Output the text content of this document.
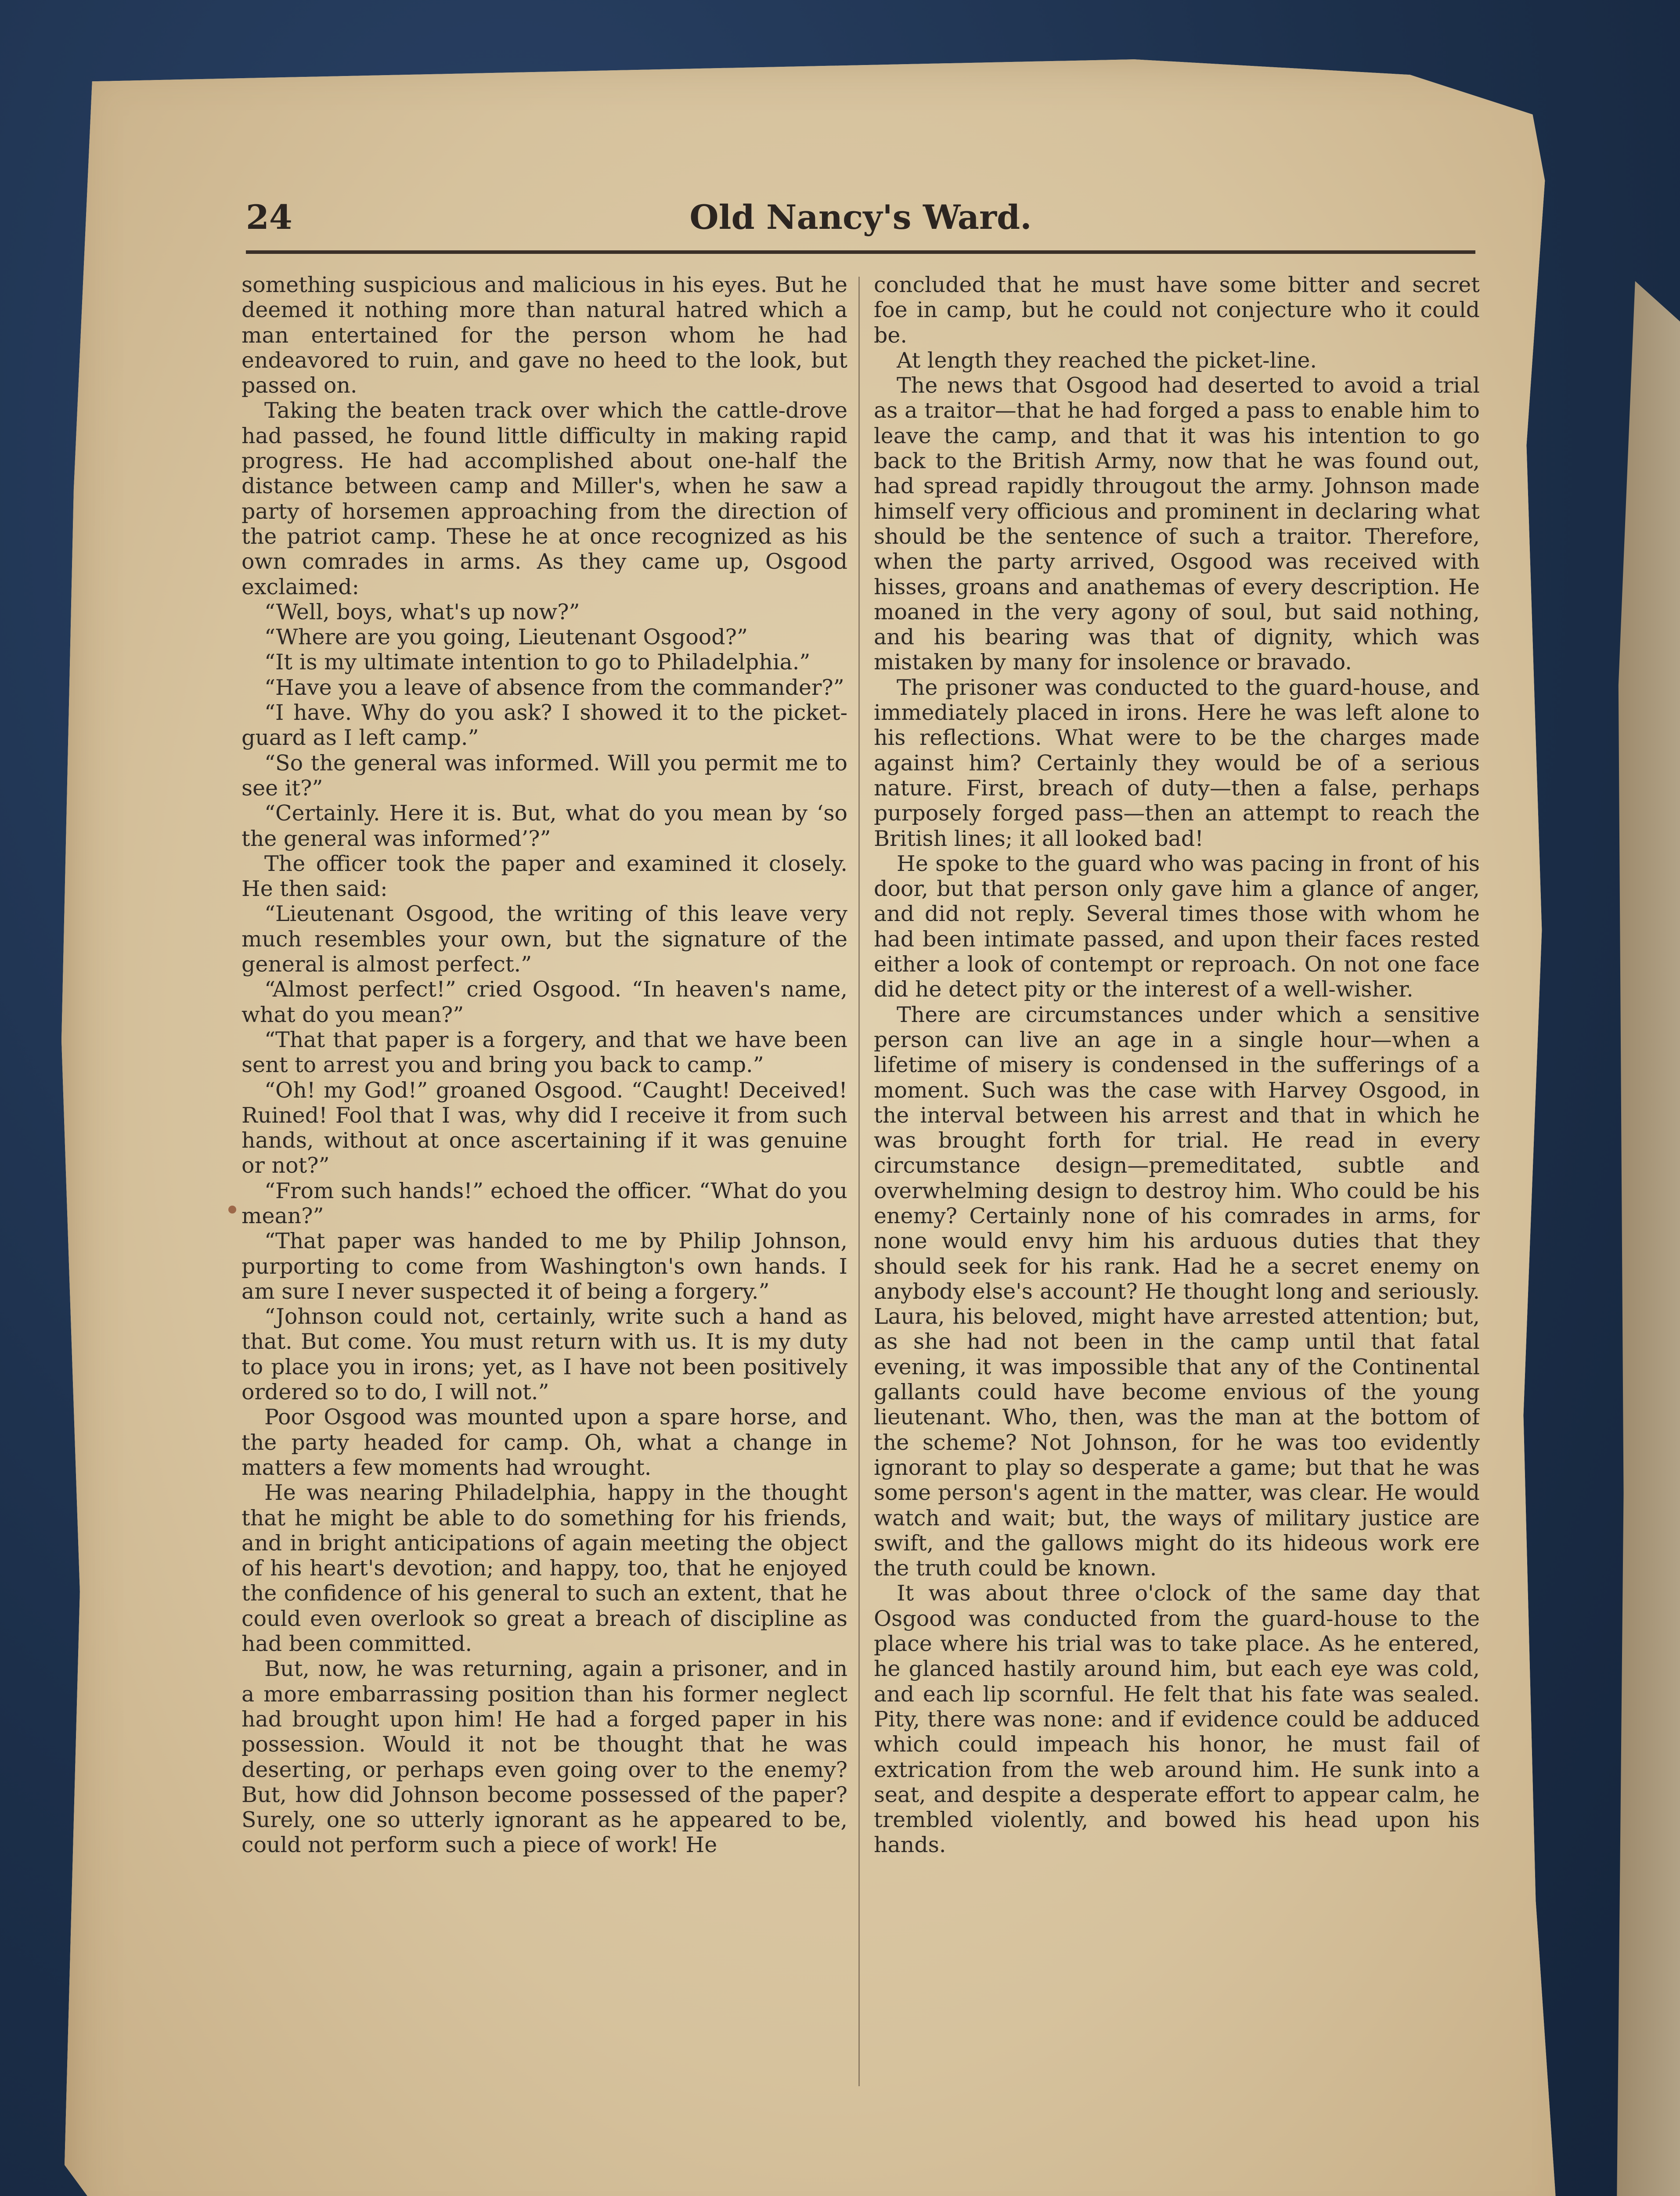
24	Old Nancy's Ward.

something suspicious and malicious in his eyes. But he deemed it nothing more than natural hatred which a man entertained for the person whom he had endeavored to ruin, and gave no heed to the look, but passed on.

Taking the beaten track over which the cattle-drove had passed, he found little difficulty in making rapid progress. He had accomplished about one-half the distance between camp and Miller's, when he saw a party of horsemen approaching from the direction of the patriot camp. These he at once recognized as his own comrades in arms. As they came up, Osgood exclaimed:

“Well, boys, what's up now?”

“Where are you going, Lieutenant Osgood?”

“It is my ultimate intention to go to Philadelphia.”

“Have you a leave of absence from the commander?”

“I have. Why do you ask? I showed it to the picket-guard as I left camp.”

“So the general was informed. Will you permit me to see it?”

“Certainly. Here it is. But, what do you mean by ‘so the general was informed’?”

The officer took the paper and examined it closely. He then said:

“Lieutenant Osgood, the writing of this leave very much resembles your own, but the signature of the general is almost perfect.”

“Almost perfect!” cried Osgood. “In heaven's name, what do you mean?”

“That that paper is a forgery, and that we have been sent to arrest you and bring you back to camp.”

“Oh! my God!” groaned Osgood. “Caught! Deceived! Ruined! Fool that I was, why did I receive it from such hands, without at once ascertaining if it was genuine or not?”

“From such hands!” echoed the officer. “What do you mean?”

“That paper was handed to me by Philip Johnson, purporting to come from Washington's own hands. I am sure I never suspected it of being a forgery.”

“Johnson could not, certainly, write such a hand as that. But come. You must return with us. It is my duty to place you in irons; yet, as I have not been positively ordered so to do, I will not.”

Poor Osgood was mounted upon a spare horse, and the party headed for camp. Oh, what a change in matters a few moments had wrought.

He was nearing Philadelphia, happy in the thought that he might be able to do something for his friends, and in bright anticipations of again meeting the object of his heart's devotion; and happy, too, that he enjoyed the confidence of his general to such an extent, that he could even overlook so great a breach of discipline as had been committed.

But, now, he was returning, again a prisoner, and in a more embarrassing position than his former neglect had brought upon him! He had a forged paper in his possession. Would it not be thought that he was deserting, or perhaps even going over to the enemy? But, how did Johnson become possessed of the paper? Surely, one so utterly ignorant as he appeared to be, could not perform such a piece of work! He

concluded that he must have some bitter and secret foe in camp, but he could not conjecture who it could be.

At length they reached the picket-line.

The news that Osgood had deserted to avoid a trial as a traitor—that he had forged a pass to enable him to leave the camp, and that it was his intention to go back to the British Army, now that he was found out, had spread rapidly througout the army. Johnson made himself very officious and prominent in declaring what should be the sentence of such a traitor. Therefore, when the party arrived, Osgood was received with hisses, groans and anathemas of every description. He moaned in the very agony of soul, but said nothing, and his bearing was that of dignity, which was mistaken by many for insolence or bravado.

The prisoner was conducted to the guard-house, and immediately placed in irons. Here he was left alone to his reflections. What were to be the charges made against him? Certainly they would be of a serious nature. First, breach of duty—then a false, perhaps purposely forged pass—then an attempt to reach the British lines; it all looked bad!

He spoke to the guard who was pacing in front of his door, but that person only gave him a glance of anger, and did not reply. Several times those with whom he had been intimate passed, and upon their faces rested either a look of contempt or reproach. On not one face did he detect pity or the interest of a well-wisher.

There are circumstances under which a sensitive person can live an age in a single hour—when a lifetime of misery is condensed in the sufferings of a moment. Such was the case with Harvey Osgood, in the interval between his arrest and that in which he was brought forth for trial. He read in every circumstance design—premeditated, subtle and overwhelming design to destroy him. Who could be his enemy? Certainly none of his comrades in arms, for none would envy him his arduous duties that they should seek for his rank. Had he a secret enemy on anybody else's account? He thought long and seriously. Laura, his beloved, might have arrested attention; but, as she had not been in the camp until that fatal evening, it was impossible that any of the Continental gallants could have become envious of the young lieutenant. Who, then, was the man at the bottom of the scheme? Not Johnson, for he was too evidently ignorant to play so desperate a game; but that he was some person's agent in the matter, was clear. He would watch and wait; but, the ways of military justice are swift, and the gallows might do its hideous work ere the truth could be known.

It was about three o'clock of the same day that Osgood was conducted from the guard-house to the place where his trial was to take place. As he entered, he glanced hastily around him, but each eye was cold, and each lip scornful. He felt that his fate was sealed. Pity, there was none: and if evidence could be adduced which could impeach his honor, he must fail of extrication from the web around him. He sunk into a seat, and despite a desperate effort to appear calm, he trembled violently, and bowed his head upon his hands.
